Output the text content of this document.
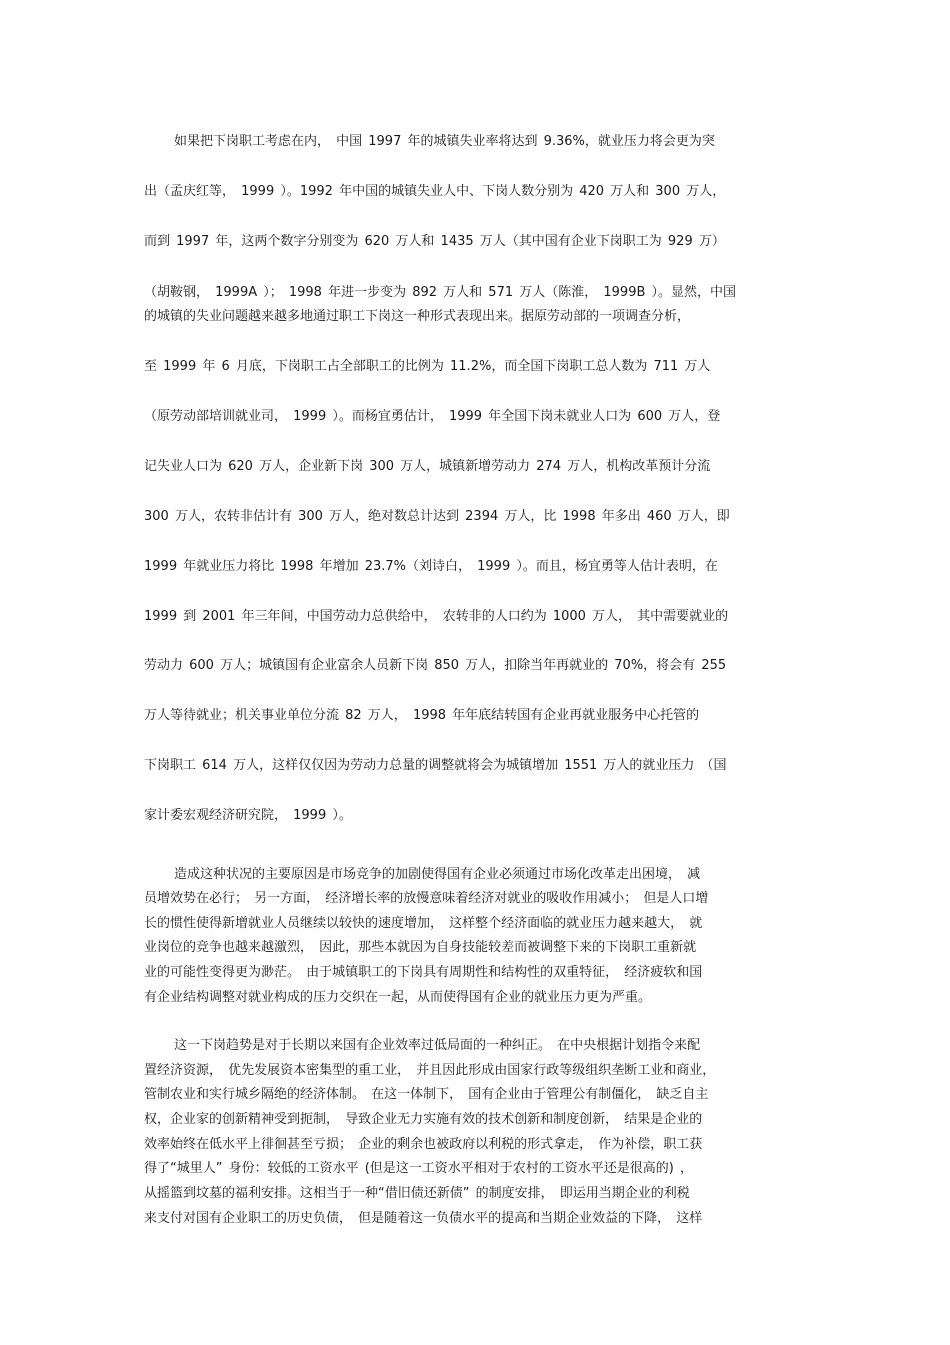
如果把下岗职工考虑在内， 中国 1997 年的城镇失业率将达到 9.36%，就业压力将会更为突
出（孟庆红等， 1999 ）。1992 年中国的城镇失业人中、下岗人数分别为 420 万人和 300 万人，
而到 1997 年，这两个数字分别变为 620 万人和 1435 万人（其中国有企业下岗职工为 929 万）
（胡鞍钢， 1999A ）； 1998 年进一步变为 892 万人和 571 万人（陈淮， 1999B ）。显然，中国
的城镇的失业问题越来越多地通过职工下岗这一种形式表现出来。据原劳动部的一项调查分析，
至 1999 年 6 月底，下岗职工占全部职工的比例为 11.2%，而全国下岗职工总人数为 711 万人
（原劳动部培训就业司， 1999 ）。而杨宜勇估计， 1999 年全国下岗未就业人口为 600 万人，登
记失业人口为 620 万人，企业新下岗 300 万人，城镇新增劳动力 274 万人，机构改革预计分流
300 万人，农转非估计有 300 万人，绝对数总计达到 2394 万人，比 1998 年多出 460 万人，即
1999 年就业压力将比 1998 年增加 23.7%（刘诗白， 1999 ）。而且，杨宜勇等人估计表明，在
1999 到 2001 年三年间，中国劳动力总供给中， 农转非的人口约为 1000 万人， 其中需要就业的
劳动力 600 万人；城镇国有企业富余人员新下岗 850 万人，扣除当年再就业的 70%，将会有 255
万人等待就业；机关事业单位分流 82 万人， 1998 年年底结转国有企业再就业服务中心托管的
下岗职工 614 万人，这样仅仅因为劳动力总量的调整就将会为城镇增加 1551 万人的就业压力 （国
家计委宏观经济研究院， 1999 ）。
造成这种状况的主要原因是市场竞争的加剧使得国有企业必须通过市场化改革走出困境， 减
员增效势在必行； 另一方面， 经济增长率的放慢意味着经济对就业的吸收作用减小； 但是人口增
长的惯性使得新增就业人员继续以较快的速度增加， 这样整个经济面临的就业压力越来越大， 就
业岗位的竞争也越来越激烈， 因此，那些本就因为自身技能较差而被调整下来的下岗职工重新就
业的可能性变得更为渺茫。 由于城镇职工的下岗具有周期性和结构性的双重特征， 经济疲软和国
有企业结构调整对就业构成的压力交织在一起，从而使得国有企业的就业压力更为严重。
这一下岗趋势是对于长期以来国有企业效率过低局面的一种纠正。 在中央根据计划指令来配
置经济资源， 优先发展资本密集型的重工业， 并且因此形成由国家行政等级组织垄断工业和商业，
管制农业和实行城乡隔绝的经济体制。 在这一体制下， 国有企业由于管理公有制僵化， 缺乏自主
权，企业家的创新精神受到扼制， 导致企业无力实施有效的技术创新和制度创新， 结果是企业的
效率始终在低水平上徘徊甚至亏损； 企业的剩余也被政府以利税的形式拿走， 作为补偿，职工获
得了“城里人” 身份：较低的工资水平 (但是这一工资水平相对于农村的工资水平还是很高的) ，
从摇篮到坟墓的福利安排。这相当于一种“借旧债还新债” 的制度安排， 即运用当期企业的利税
来支付对国有企业职工的历史负债， 但是随着这一负债水平的提高和当期企业效益的下降， 这样
